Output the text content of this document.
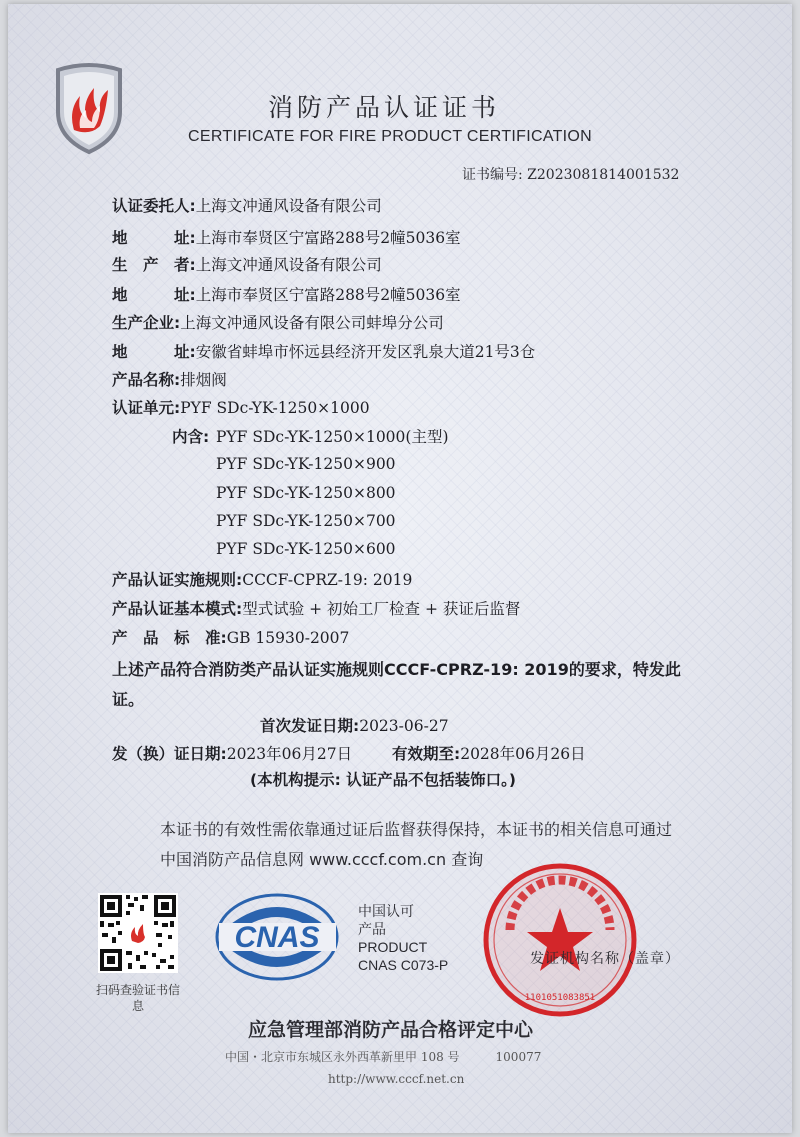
消防产品认证证书
CERTIFICATE FOR FIRE PRODUCT CERTIFICATION
证书编号: Z2023081814001532
认证委托人:上海文冲通风设备有限公司
地　　　址:上海市奉贤区宁富路288号2幢5036室
生　产　者:上海文冲通风设备有限公司
地　　　址:上海市奉贤区宁富路288号2幢5036室
生产企业:上海文冲通风设备有限公司蚌埠分公司
地　　　址:安徽省蚌埠市怀远县经济开发区乳泉大道21号3仓
产品名称:排烟阀
认证单元:PYF SDc-YK-1250×1000
内含: PYF SDc-YK-1250×1000(主型)
PYF SDc-YK-1250×900
PYF SDc-YK-1250×800
PYF SDc-YK-1250×700
PYF SDc-YK-1250×600
产品认证实施规则:CCCF-CPRZ-19: 2019
产品认证基本模式:型式试验 + 初始工厂检查 + 获证后监督
产　品　标　准:GB 15930-2007
上述产品符合消防类产品认证实施规则CCCF-CPRZ-19: 2019的要求，特发此证。
首次发证日期:2023-06-27
发（换）证日期:2023年06月27日	有效期至:2028年06月26日
(本机构提示: 认证产品不包括装饰口。)
本证书的有效性需依靠通过证后监督获得保持，本证书的相关信息可通过中国消防产品信息网 www.cccf.com.cn 查询
扫码查验证书信息
CNAS
中国认可
产品
PRODUCT
CNAS C073-P
1101051083851
发证机构名称（盖章）
应急管理部消防产品合格评定中心
中国・北京市东城区永外西革新里甲 108 号　　　100077
http://www.cccf.net.cn
